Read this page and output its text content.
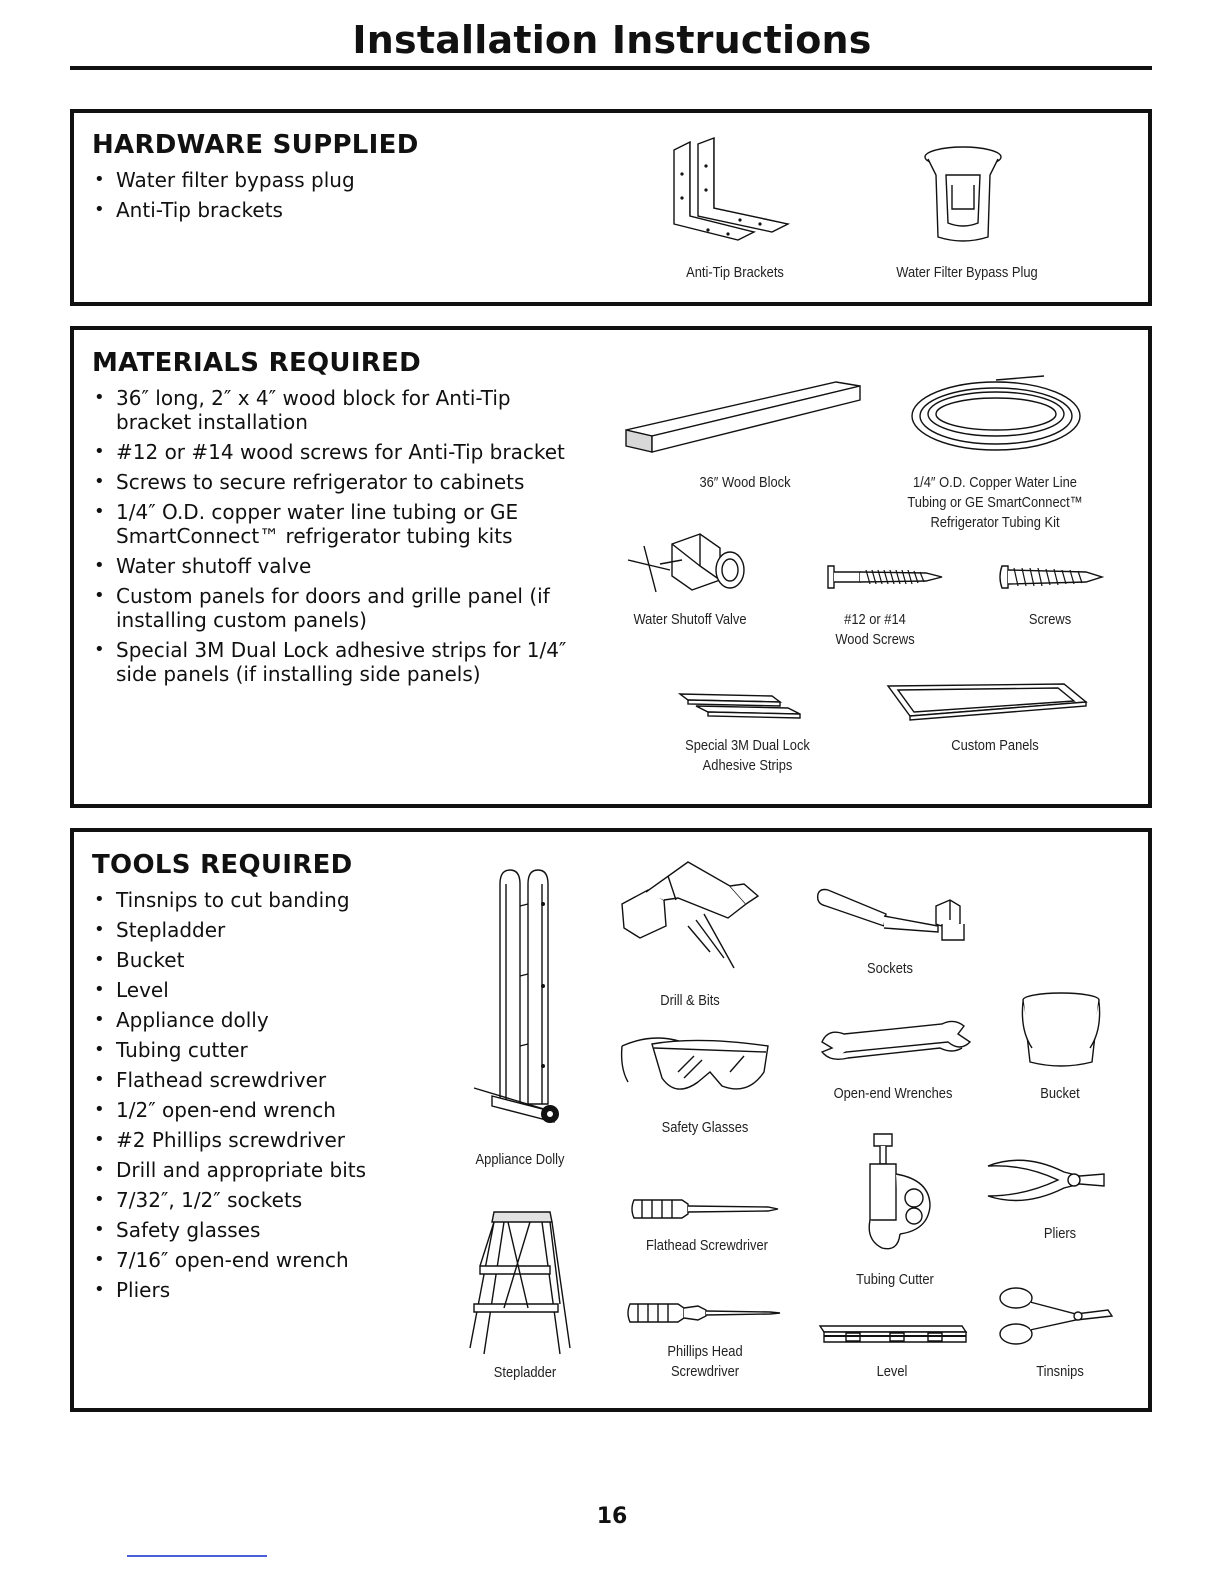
Installation Instructions
HARDWARE SUPPLIED
• Water filter bypass plug
• Anti-Tip brackets
Anti-Tip Brackets	Water Filter Bypass Plug
MATERIALS REQUIRED
• 36″ long, 2″ x 4″ wood block for Anti-Tip bracket installation
• #12 or #14 wood screws for Anti-Tip bracket
• Screws to secure refrigerator to cabinets
• 1/4″ O.D. copper water line tubing or GE SmartConnect™ refrigerator tubing kits
• Water shutoff valve
• Custom panels for doors and grille panel (if installing custom panels)
• Special 3M Dual Lock adhesive strips for 1/4″ side panels (if installing side panels)
36″ Wood Block	1/4″ O.D. Copper Water Line
Tubing or GE SmartConnect™
Refrigerator Tubing Kit
Water Shutoff Valve	#12 or #14
Wood Screws
Screws
Special 3M Dual Lock
Adhesive Strips
Custom Panels
TOOLS REQUIRED
• Tinsnips to cut banding
• Stepladder
• Bucket
• Level
• Appliance dolly
• Tubing cutter
• Flathead screwdriver
• 1/2″ open-end wrench
• #2 Phillips screwdriver
• Drill and appropriate bits
• 7/32″, 1/2″ sockets
• Safety glasses
• 7/16″ open-end wrench
• Pliers
Appliance Dolly
Stepladder
Drill & Bits
Sockets
Safety Glasses
Open-end Wrenches	Bucket
Flathead Screwdriver
Tubing Cutter
Pliers
Phillips Head
Screwdriver	Level	Tinsnips
16
